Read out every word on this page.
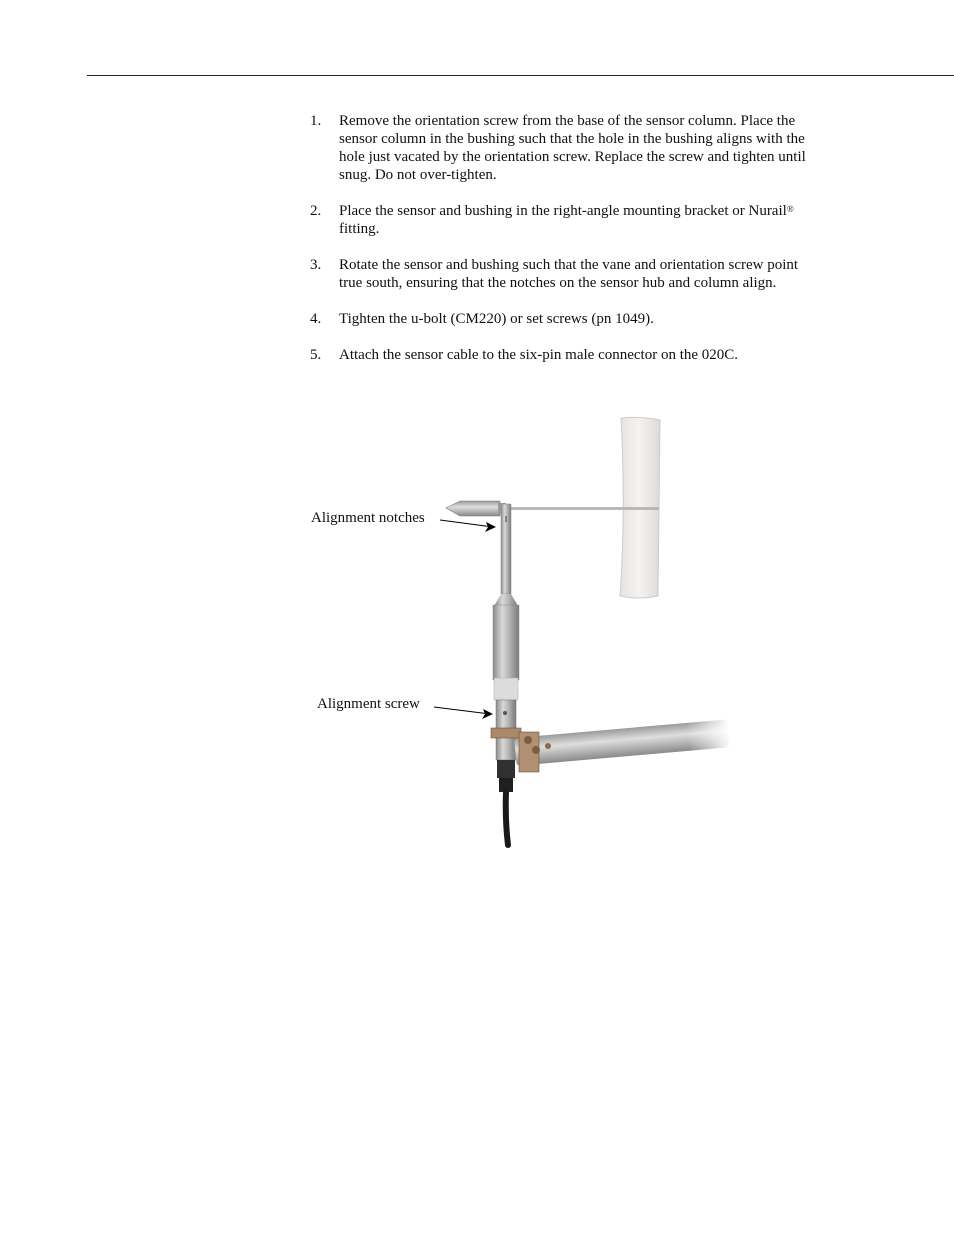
1. Remove the orientation screw from the base of the sensor column. Place the sensor column in the bushing such that the hole in the bushing aligns with the hole just vacated by the orientation screw. Replace the screw and tighten until snug. Do not over-tighten.
2. Place the sensor and bushing in the right-angle mounting bracket or Nurail® fitting.
3. Rotate the sensor and bushing such that the vane and orientation screw point true south, ensuring that the notches on the sensor hub and column align.
4. Tighten the u-bolt (CM220) or set screws (pn 1049).
5. Attach the sensor cable to the six-pin male connector on the 020C.
Alignment notches
Alignment screw
